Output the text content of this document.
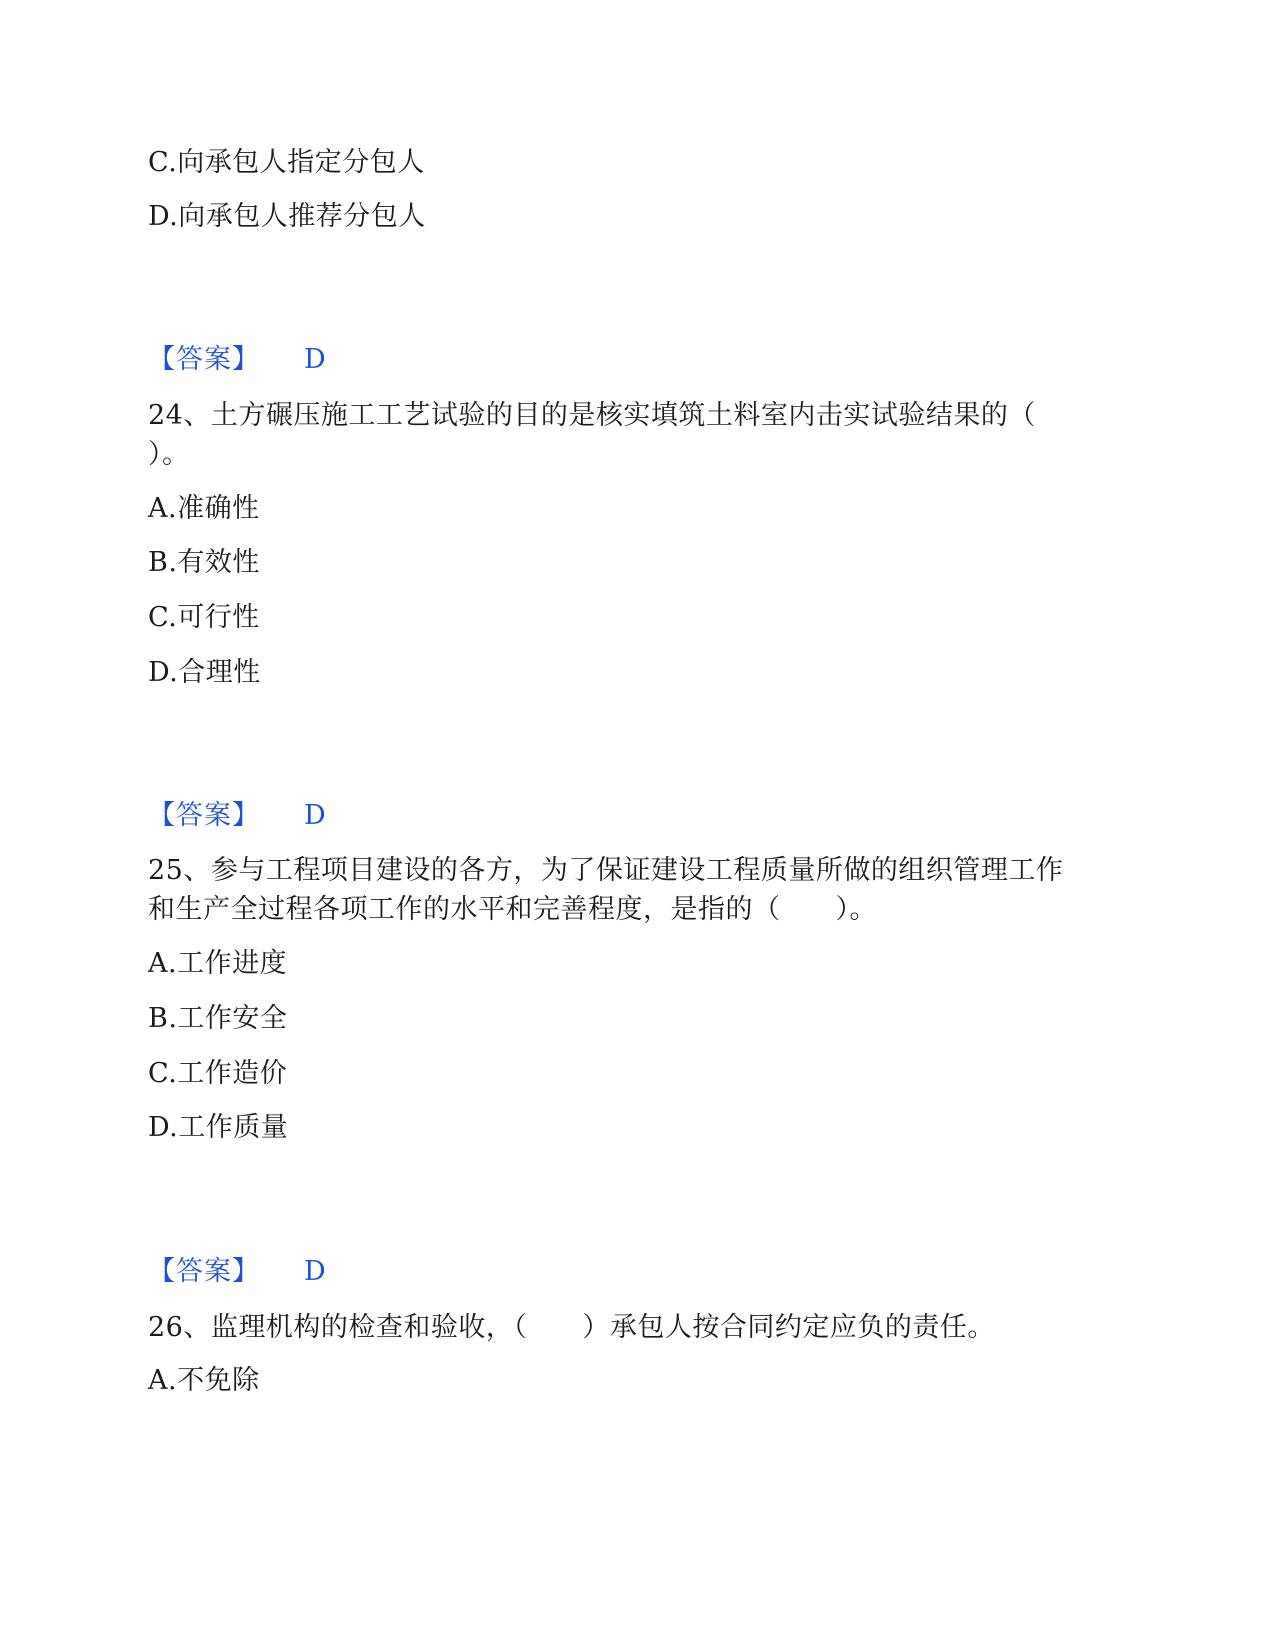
C.向承包人指定分包人
D.向承包人推荐分包人
【答案】 D
24、土方碾压施工工艺试验的目的是核实填筑土料室内击实试验结果的（
）。
A.准确性
B.有效性
C.可行性
D.合理性
【答案】 D
25、参与工程项目建设的各方，为了保证建设工程质量所做的组织管理工作
和生产全过程各项工作的水平和完善程度，是指的（　　）。
A.工作进度
B.工作安全
C.工作造价
D.工作质量
【答案】 D
26、监理机构的检查和验收，（　　）承包人按合同约定应负的责任。
A.不免除
